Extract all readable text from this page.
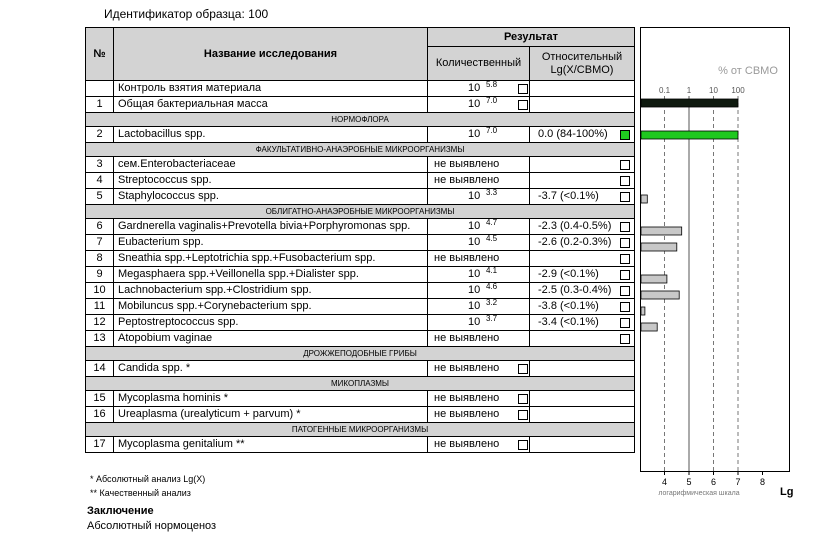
Идентификатор образца: 100
№	Название исследования	Результат	
		Количественный	Относительный Lg(X/СВМО)
	Контроль взятия материала	10 5.8	

1	Общая бактериальная масса	10 7.0	

НОРМОФЛОРА			
2	Lactobacillus spp.	10 7.0	0.0 (84-100%)

ФАКУЛЬТАТИВНО-АНАЭРОБНЫЕ МИКРООРГАНИЗМЫ			
3	сем.Enterobacteriaceae	не выявлено	

4	Streptococcus spp.	не выявлено	

5	Staphylococcus spp.	10 3.3	-3.7 (<0.1%)

ОБЛИГАТНО-АНАЭРОБНЫЕ МИКРООРГАНИЗМЫ			
6	Gardnerella vaginalis+Prevotella bivia+Porphyromonas spp.	10 4.7	-2.3 (0.4-0.5%)

7	Eubacterium spp.	10 4.5	-2.6 (0.2-0.3%)

8	Sneathia spp.+Leptotrichia spp.+Fusobacterium spp.	не выявлено	

9	Megasphaera spp.+Veillonella spp.+Dialister spp.	10 4.1	-2.9 (<0.1%)

10	Lachnobacterium spp.+Clostridium spp.	10 4.6	-2.5 (0.3-0.4%)

11	Mobiluncus spp.+Corynebacterium spp.	10 3.2	-3.8 (<0.1%)

12	Peptostreptococcus spp.	10 3.7	-3.4 (<0.1%)

13	Atopobium vaginae	не выявлено	

ДРОЖЖЕПОДОБНЫЕ ГРИБЫ			
14	Candida spp. *	не выявлено	

МИКОПЛАЗМЫ			
15	Mycoplasma hominis *	не выявлено	

16	Ureaplasma (urealyticum + parvum) *	не выявлено	

ПАТОГЕННЫЕ МИКРООРГАНИЗМЫ			
17	Mycoplasma genitalium **	не выявлено	

% от СВМО
0.1 1 10 100
4 5 6 7 8
логарифмическая шкала	Lg
* Абсолютный анализ Lg(X)
** Качественный анализ
Заключение
Абсолютный нормоценоз
